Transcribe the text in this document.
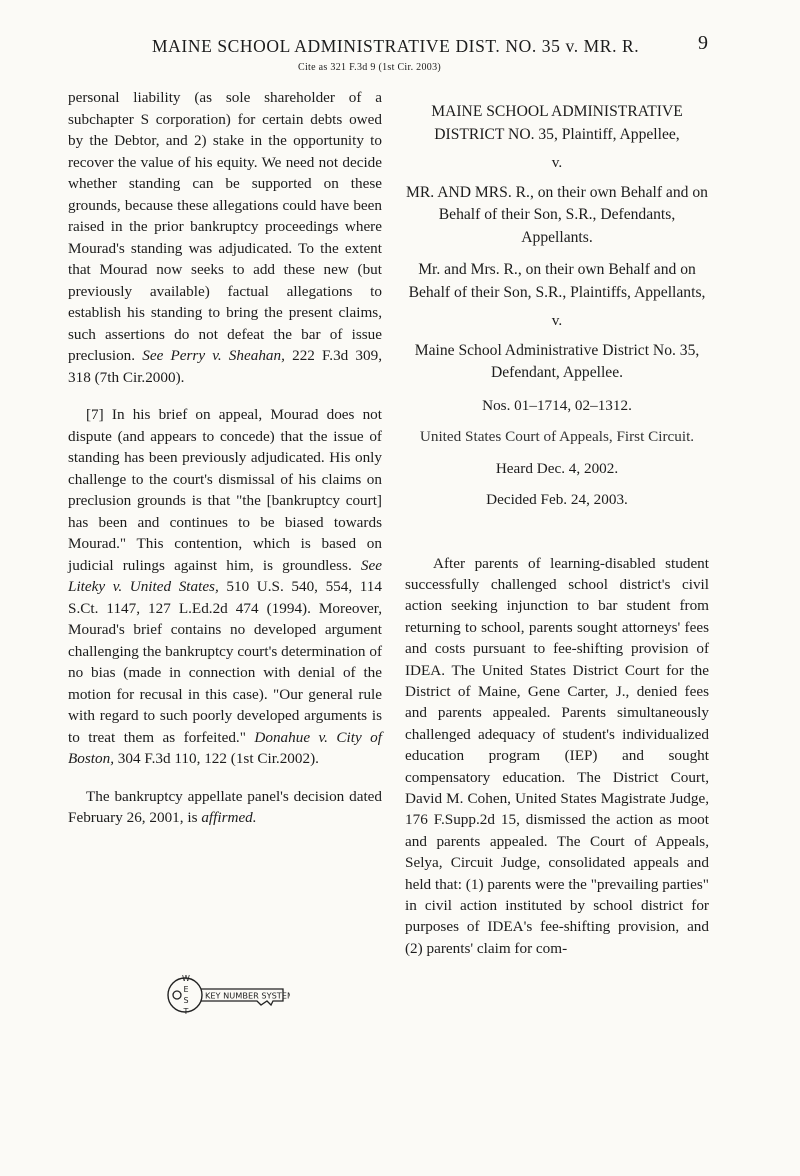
MAINE SCHOOL ADMINISTRATIVE DIST. NO. 35 v. MR. R.	9
Cite as 321 F.3d 9 (1st Cir. 2003)

personal liability (as sole shareholder of a subchapter S corporation) for certain debts owed by the Debtor, and 2) stake in the opportunity to recover the value of his equity. We need not decide whether standing can be supported on these grounds, because these allegations could have been raised in the prior bankruptcy proceedings where Mourad's standing was adjudicated. To the extent that Mourad now seeks to add these new (but previously available) factual allegations to establish his standing to bring the present claims, such assertions do not defeat the bar of issue preclusion. See Perry v. Sheahan, 222 F.3d 309, 318 (7th Cir.2000).

[7] In his brief on appeal, Mourad does not dispute (and appears to concede) that the issue of standing has been previously adjudicated. His only challenge to the court's dismissal of his claims on preclusion grounds is that "the [bankruptcy court] has been and continues to be biased towards Mourad." This contention, which is based on judicial rulings against him, is groundless. See Liteky v. United States, 510 U.S. 540, 554, 114 S.Ct. 1147, 127 L.Ed.2d 474 (1994). Moreover, Mourad's brief contains no developed argument challenging the bankruptcy court's determination of no bias (made in connection with denial of the motion for recusal in this case). "Our general rule with regard to such poorly developed arguments is to treat them as forfeited." Donahue v. City of Boston, 304 F.3d 110, 122 (1st Cir.2002).

The bankruptcy appellate panel's decision dated February 26, 2001, is affirmed.

W
E
S
T
KEY NUMBER SYSTEM

MAINE SCHOOL ADMINISTRATIVE DISTRICT NO. 35, Plaintiff, Appellee,

v.

MR. AND MRS. R., on their own Behalf and on Behalf of their Son, S.R., Defendants, Appellants.

Mr. and Mrs. R., on their own Behalf and on Behalf of their Son, S.R., Plaintiffs, Appellants,

v.

Maine School Administrative District No. 35, Defendant, Appellee.

Nos. 01–1714, 02–1312.

United States Court of Appeals, First Circuit.

Heard Dec. 4, 2002.

Decided Feb. 24, 2003.

After parents of learning-disabled student successfully challenged school district's civil action seeking injunction to bar student from returning to school, parents sought attorneys' fees and costs pursuant to fee-shifting provision of IDEA. The United States District Court for the District of Maine, Gene Carter, J., denied fees and parents appealed. Parents simultaneously challenged adequacy of student's individualized education program (IEP) and sought compensatory education. The District Court, David M. Cohen, United States Magistrate Judge, 176 F.Supp.2d 15, dismissed the action as moot and parents appealed. The Court of Appeals, Selya, Circuit Judge, consolidated appeals and held that: (1) parents were the "prevailing parties" in civil action instituted by school district for purposes of IDEA's fee-shifting provision, and (2) parents' claim for com-
